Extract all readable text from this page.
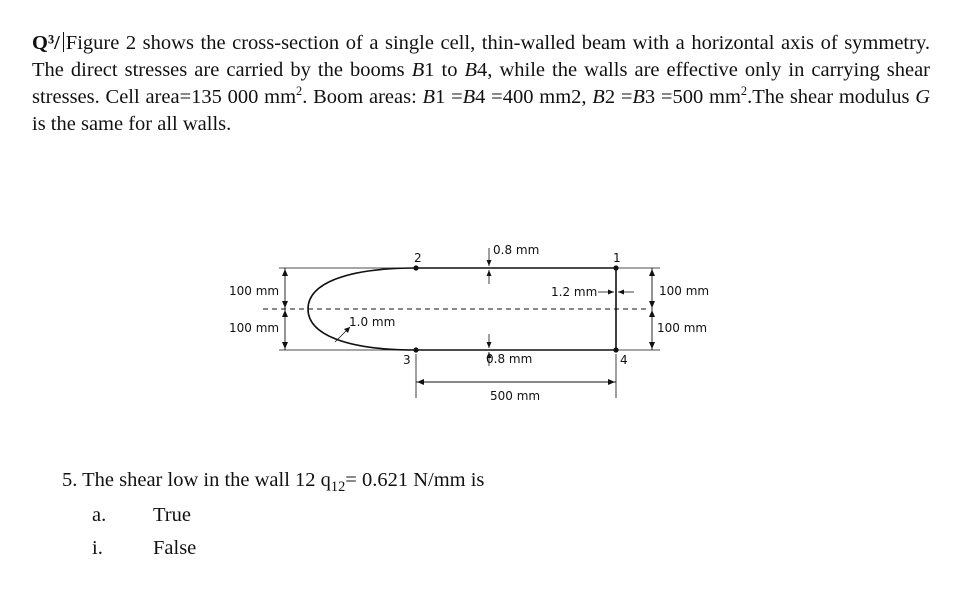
Q³/ Figure 2 shows the cross-section of a single cell, thin-walled beam with a horizontal axis of symmetry. The direct stresses are carried by the booms B1 to B4, while the walls are effective only in carrying shear stresses. Cell area=135 000 $mm^2$. Boom areas: B1 =B4 =400 mm2, B2 =B3 =500 $mm^2.The$ shear modulus G is the same for all walls.
2	1
3	4
100 mm
100 mm
100 mm
100 mm
0.8 mm
0.8 mm
1.2 mm
1.0 mm
500 mm
5. The shear low in the wall 12 $q_{12}= 0.621$ N/mm is
a. True
i. False
